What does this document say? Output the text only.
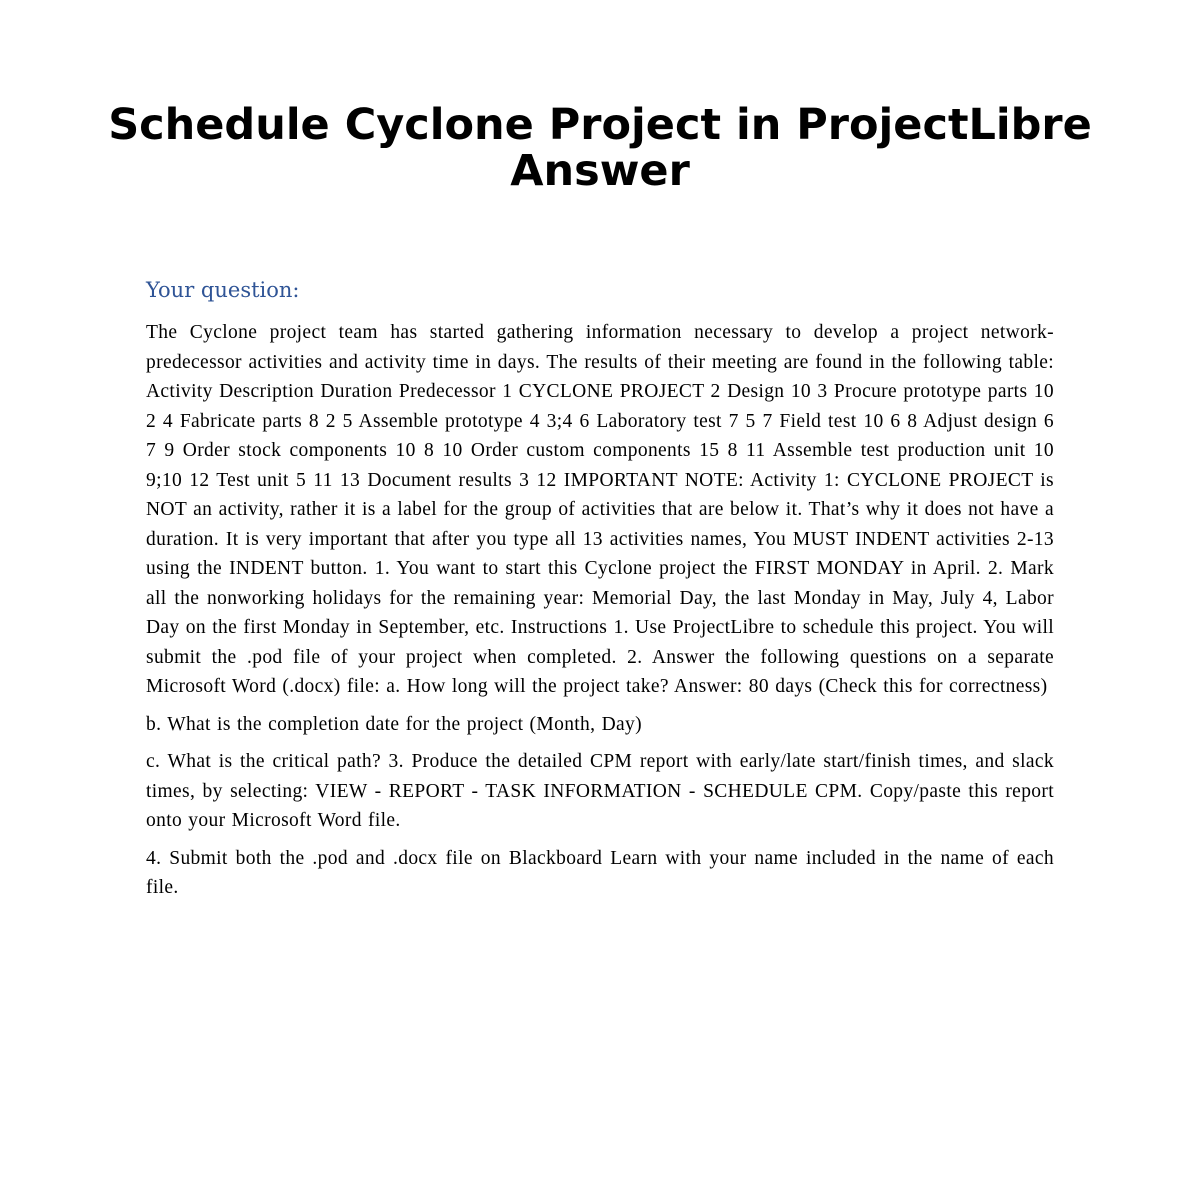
Schedule Cyclone Project in ProjectLibre Answer
Your question:

The Cyclone project team has started gathering information necessary to develop a project network-predecessor activities and activity time in days. The results of their meeting are found in the following table: Activity Description Duration Predecessor 1 CYCLONE PROJECT 2 Design 10 3 Procure prototype parts 10 2 4 Fabricate parts 8 2 5 Assemble prototype 4 3;4 6 Laboratory test 7 5 7 Field test 10 6 8 Adjust design 6 7 9 Order stock components 10 8 10 Order custom components 15 8 11 Assemble test production unit 10 9;10 12 Test unit 5 11 13 Document results 3 12 IMPORTANT NOTE: Activity 1: CYCLONE PROJECT is NOT an activity, rather it is a label for the group of activities that are below it. That’s why it does not have a duration. It is very important that after you type all 13 activities names, You MUST INDENT activities 2-13 using the INDENT button. 1. You want to start this Cyclone project the FIRST MONDAY in April. 2. Mark all the nonworking holidays for the remaining year: Memorial Day, the last Monday in May, July 4, Labor Day on the first Monday in September, etc. Instructions 1. Use ProjectLibre to schedule this project. You will submit the .pod file of your project when completed. 2. Answer the following questions on a separate Microsoft Word (.docx) file: a. How long will the project take? Answer: 80 days (Check this for correctness)

b. What is the completion date for the project (Month, Day)

c. What is the critical path? 3. Produce the detailed CPM report with early/late start/finish times, and slack times, by selecting: VIEW - REPORT - TASK INFORMATION - SCHEDULE CPM. Copy/paste this report onto your Microsoft Word file.

4. Submit both the .pod and .docx file on Blackboard Learn with your name included in the name of each file.
